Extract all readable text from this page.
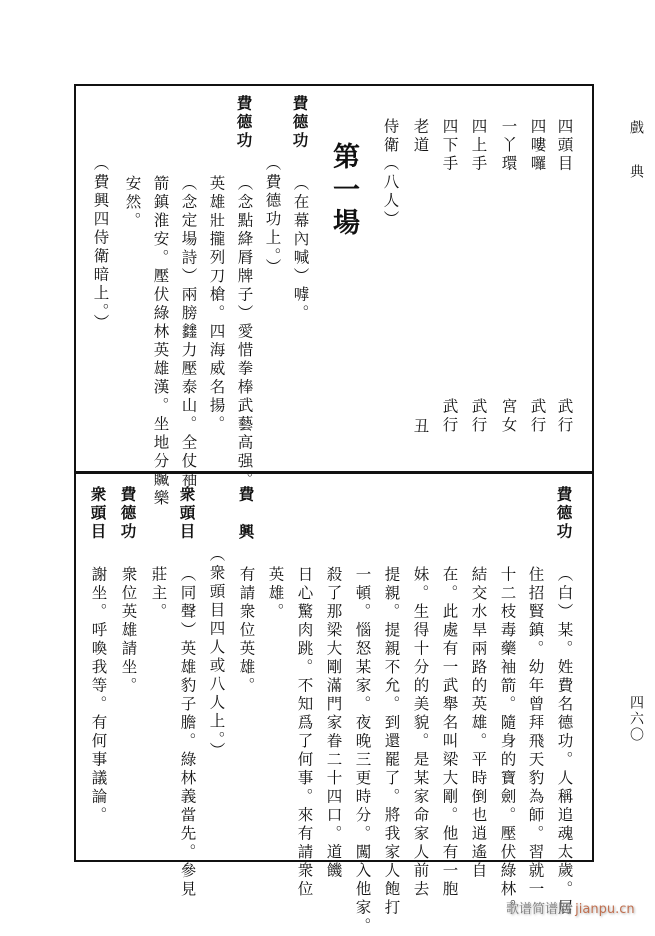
戲典
四六〇
四頭目
武行
四嘍囉
武行
一丫環
宮女
四上手
武行
四下手
武行
老道
丑
侍衛（八人）
第一場
費德功
（在幕內喊）嘑。
（費德功上。）
費德功
（念點絳脣牌子）愛惜拳棒武藝高强。
英雄壯攏列刀槍。四海威名揚。
（念定場詩）兩膀𨰻力壓泰山。全仗袖
箭鎮淮安。壓伏綠林英雄漢。坐地分贓樂
安然。
（費興四侍衛暗上。）
費德功
（白）某。姓費名德功。人稱追魂太歲。居
住招賢鎮。幼年曾拜飛天豹為師。習就一
十二枝毒藥袖箭。隨身的寶劍。壓伏綠林。
結交水旱兩路的英雄。平時倒也逍遙自
在。此處有一武舉名叫梁大剛。他有一胞
妹。生得十分的美貌。是某家命家人前去
提親。提親不允。到還罷了。將我家人飽打
一頓。惱怒某家。夜晚三更時分。闖入他家。
殺了那梁大剛滿門家眷二十四口。道饑
日心驚肉跳。不知爲了何事。來有請衆位
英雄。
費興
有請衆位英雄。
（衆頭目四人或八人上。）
衆頭目
（同聲）英雄豹子膽。綠林義當先。參見
莊主。
費德功
衆位英雄請坐。
衆頭目
謝坐。呼喚我等。有何事議論。
歌谱简谱网 jianpu.cn
